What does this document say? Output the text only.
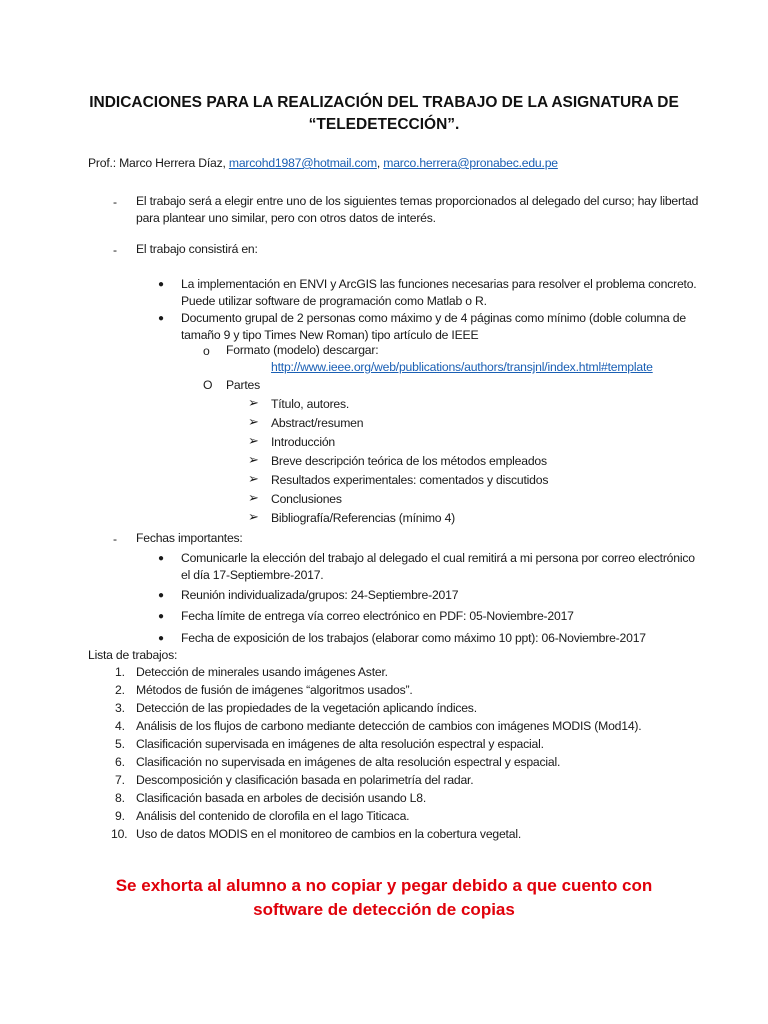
INDICACIONES PARA LA REALIZACIÓN DEL TRABAJO DE LA ASIGNATURA DE
“TELEDETECCIÓN”.
Prof.: Marco Herrera Díaz, marcohd1987@hotmail.com, marco.herrera@pronabec.edu.pe
- El trabajo será a elegir entre uno de los siguientes temas proporcionados al delegado del curso; hay libertad
para plantear uno similar, pero con otros datos de interés.
- El trabajo consistirá en:
● La implementación en ENVI y ArcGIS las funciones necesarias para resolver el problema concreto.
Puede utilizar software de programación como Matlab o R.
● Documento grupal de 2 personas como máximo y de 4 páginas como mínimo (doble columna de
tamaño 9 y tipo Times New Roman) tipo artículo de IEEE
o Formato (modelo) descargar:
http://www.ieee.org/web/publications/authors/transjnl/index.html#template
O Partes
➢ Título, autores.
➢ Abstract/resumen
➢ Introducción
➢ Breve descripción teórica de los métodos empleados
➢ Resultados experimentales: comentados y discutidos
➢ Conclusiones
➢ Bibliografía/Referencias (mínimo 4)
- Fechas importantes:
● Comunicarle la elección del trabajo al delegado el cual remitirá a mi persona por correo electrónico
el día 17-Septiembre-2017.
● Reunión individualizada/grupos: 24-Septiembre-2017
● Fecha límite de entrega vía correo electrónico en PDF: 05-Noviembre-2017
● Fecha de exposición de los trabajos (elaborar como máximo 10 ppt): 06-Noviembre-2017
Lista de trabajos:
1. Detección de minerales usando imágenes Aster.
2. Métodos de fusión de imágenes “algoritmos usados”.
3. Detección de las propiedades de la vegetación aplicando índices.
4. Análisis de los flujos de carbono mediante detección de cambios con imágenes MODIS (Mod14).
5. Clasificación supervisada en imágenes de alta resolución espectral y espacial.
6. Clasificación no supervisada en imágenes de alta resolución espectral y espacial.
7. Descomposición y clasificación basada en polarimetría del radar.
8. Clasificación basada en arboles de decisión usando L8.
9. Análisis del contenido de clorofila en el lago Titicaca.
10. Uso de datos MODIS en el monitoreo de cambios en la cobertura vegetal.
Se exhorta al alumno a no copiar y pegar debido a que cuento con
software de detección de copias
